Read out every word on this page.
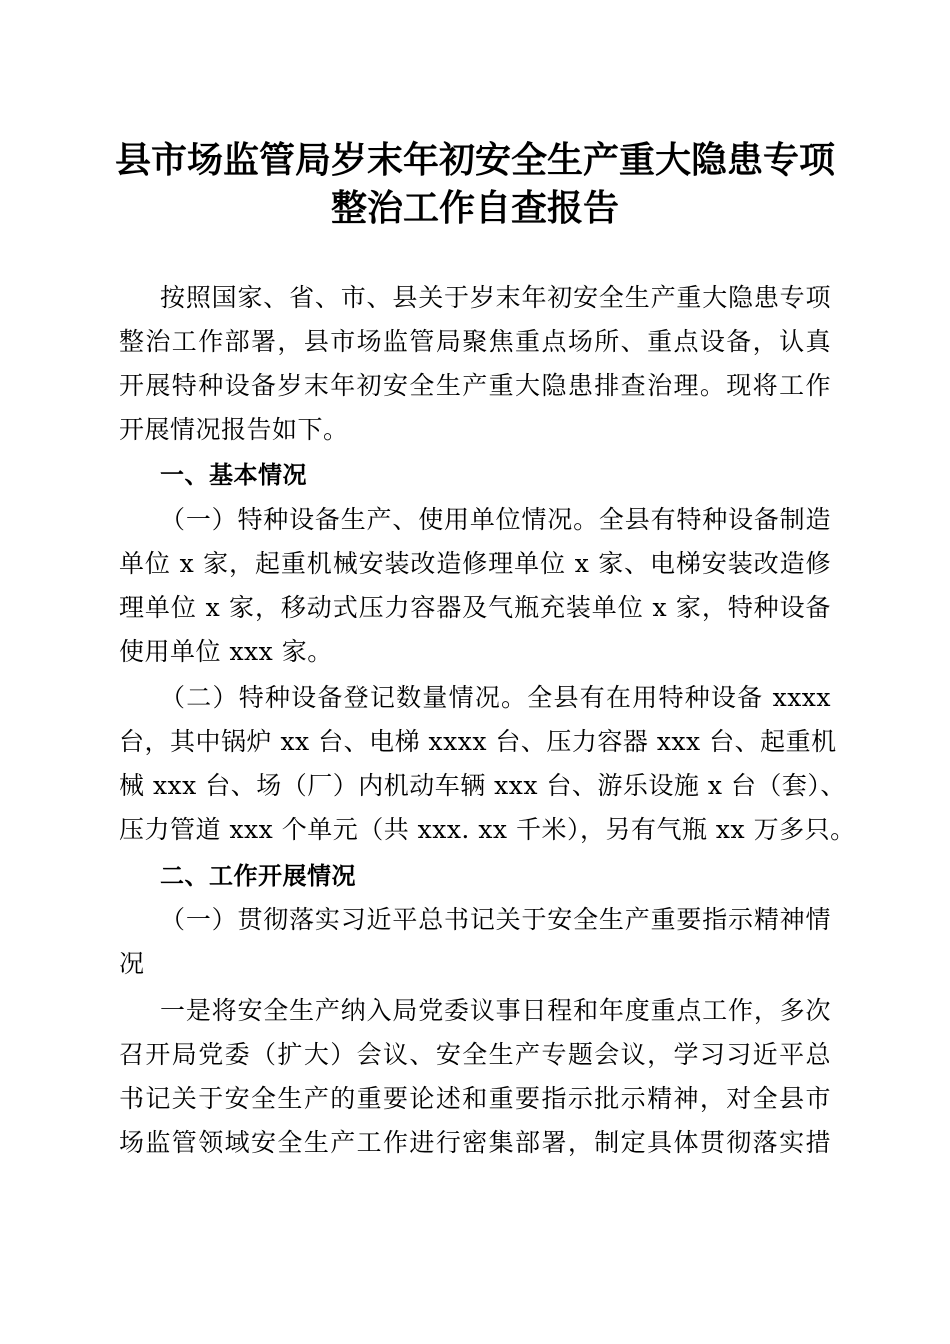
县市场监管局岁末年初安全生产重大隐患专项
整治工作自查报告
按照国家、省、市、县关于岁末年初安全生产重大隐患专项
整治工作部署，县市场监管局聚焦重点场所、重点设备，认真
开展特种设备岁末年初安全生产重大隐患排查治理。现将工作
开展情况报告如下。
一、基本情况
（一）特种设备生产、使用单位情况。全县有特种设备制造
单位 x 家，起重机械安装改造修理单位 x 家、电梯安装改造修
理单位 x 家，移动式压力容器及气瓶充装单位 x 家，特种设备
使用单位 xxx 家。
（二）特种设备登记数量情况。全县有在用特种设备 xxxx
台，其中锅炉 xx 台、电梯 xxxx 台、压力容器 xxx 台、起重机
械 xxx 台、场（厂）内机动车辆 xxx 台、游乐设施 x 台（套）、
压力管道 xxx 个单元（共 xxx. xx 千米），另有气瓶 xx 万多只。
二、工作开展情况
（一）贯彻落实习近平总书记关于安全生产重要指示精神情
况
一是将安全生产纳入局党委议事日程和年度重点工作，多次
召开局党委（扩大）会议、安全生产专题会议，学习习近平总
书记关于安全生产的重要论述和重要指示批示精神，对全县市
场监管领域安全生产工作进行密集部署，制定具体贯彻落实措
